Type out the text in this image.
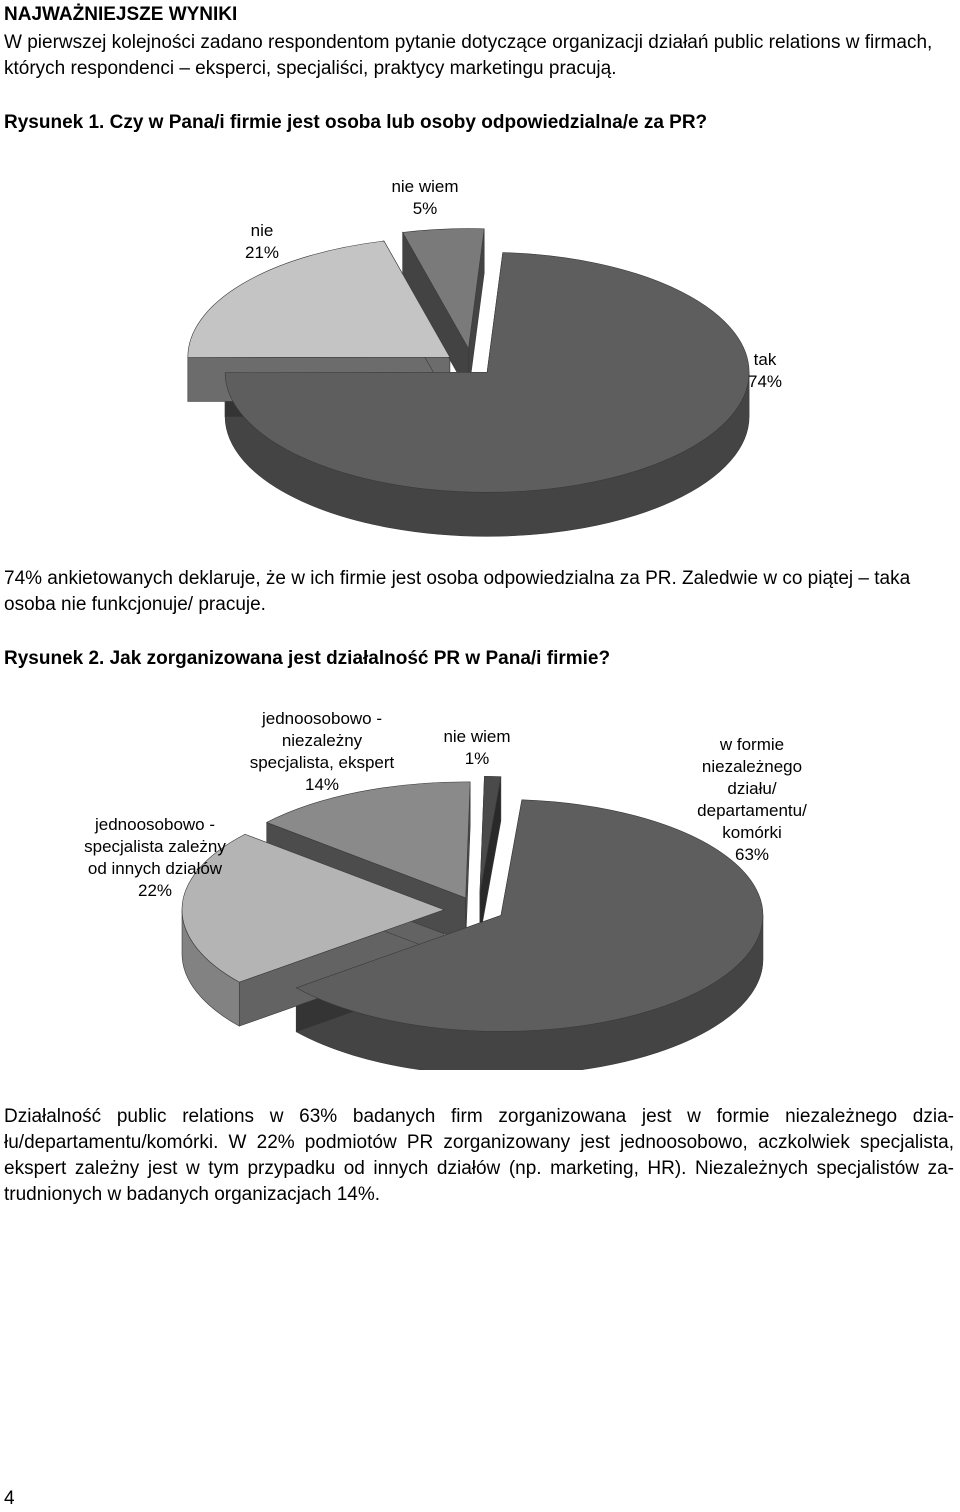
NAJWAŻNIEJSZE WYNIKI

W pierwszej kolejności zadano respondentom pytanie dotyczące organizacji działań public relations w firmach,
których respondenci – eksperci, specjaliści, praktycy marketingu pracują.

Rysunek 1. Czy w Pana/i firmie jest osoba lub osoby odpowiedzialna/e za PR?
tak 74%
nie 21%
nie wiem 5%

74% ankietowanych deklaruje, że w ich firmie jest osoba odpowiedzialna za PR. Zaledwie w co piątej – taka
osoba nie funkcjonuje/ pracuje.

Rysunek 2. Jak zorganizowana jest działalność PR w Pana/i firmie?
w formie niezależnego działu/ departamentu/ komórki 63%
jednoosobowo -specjalista zależny od innych działów 22%
jednoosobowo -niezależny specjalista, ekspert 14%
nie wiem 1%

Działalność public relations w 63% badanych firm zorganizowana jest w formie niezależnego dzia-
łu/departamentu/komórki. W 22% podmiotów PR zorganizowany jest jednoosobowo, aczkolwiek specjalista,
ekspert zależny jest w tym przypadku od innych działów (np. marketing, HR). Niezależnych specjalistów za-
trudnionych w badanych organizacjach 14%.

4
